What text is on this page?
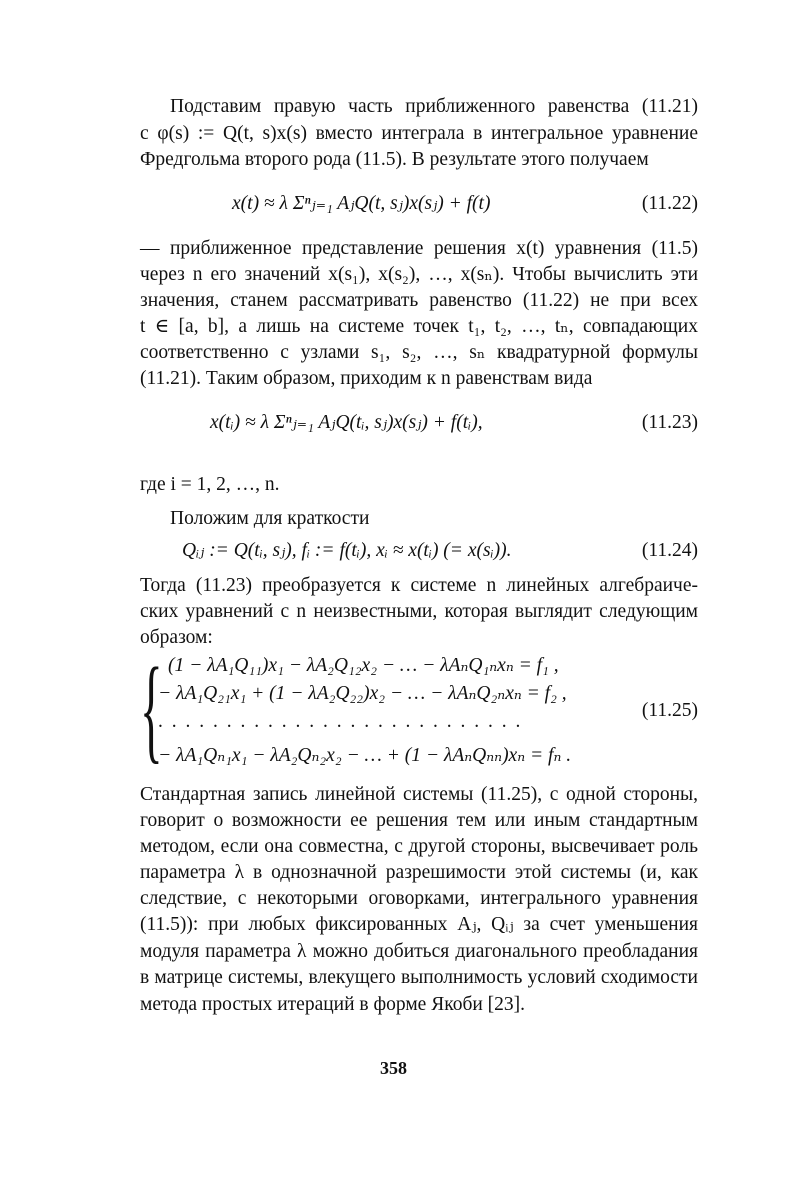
Подставим правую часть приближенного равенства (11.21)
с φ(s) := Q(t, s)x(s) вместо интеграла в интегральное уравнение
Фредгольма второго рода (11.5). В результате этого получаем
x(t) ≈ λ Σⁿⱼ₌₁ AⱼQ(t, sⱼ)x(sⱼ) + f(t)	(11.22)
— приближенное представление решения x(t) уравнения (11.5)
через n его значений x(s₁), x(s₂), …, x(sₙ). Чтобы вычислить эти
значения, станем рассматривать равенство (11.22) не при всех
t ∈ [a, b], а лишь на системе точек t₁, t₂, …, tₙ, совпадающих
соответственно с узлами s₁, s₂, …, sₙ квадратурной формулы
(11.21). Таким образом, приходим к n равенствам вида
x(tᵢ) ≈ λ Σⁿⱼ₌₁ AⱼQ(tᵢ, sⱼ)x(sⱼ) + f(tᵢ),	(11.23)
где i = 1, 2, …, n.
Положим для краткости
Qᵢⱼ := Q(tᵢ, sⱼ), fᵢ := f(tᵢ), xᵢ ≈ x(tᵢ) (= x(sᵢ)).	(11.24)
Тогда (11.23) преобразуется к системе n линейных алгебраиче-
ских уравнений с n неизвестными, которая выглядит следующим
образом:
{ (1 − λA₁Q₁₁)x₁ − λA₂Q₁₂x₂ − … − λAₙQ₁ₙxₙ = f₁ ,
− λA₁Q₂₁x₁ + (1 − λA₂Q₂₂)x₂ − … − λAₙQ₂ₙxₙ = f₂ ,
. . . . . . . . . . . . . . . . . . . . . . . . . . .
− λA₁Qₙ₁x₁ − λA₂Qₙ₂x₂ − … + (1 − λAₙQₙₙ)xₙ = fₙ .
(11.25)
Стандартная запись линейной системы (11.25), с одной стороны,
говорит о возможности ее решения тем или иным стандартным
методом, если она совместна, с другой стороны, высвечивает роль
параметра λ в однозначной разрешимости этой системы (и, как
следствие, с некоторыми оговорками, интегрального уравнения
(11.5)): при любых фиксированных Aⱼ, Qᵢⱼ за счет уменьшения
модуля параметра λ можно добиться диагонального преобладания
в матрице системы, влекущего выполнимость условий сходимости
метода простых итераций в форме Якоби [23].
358
